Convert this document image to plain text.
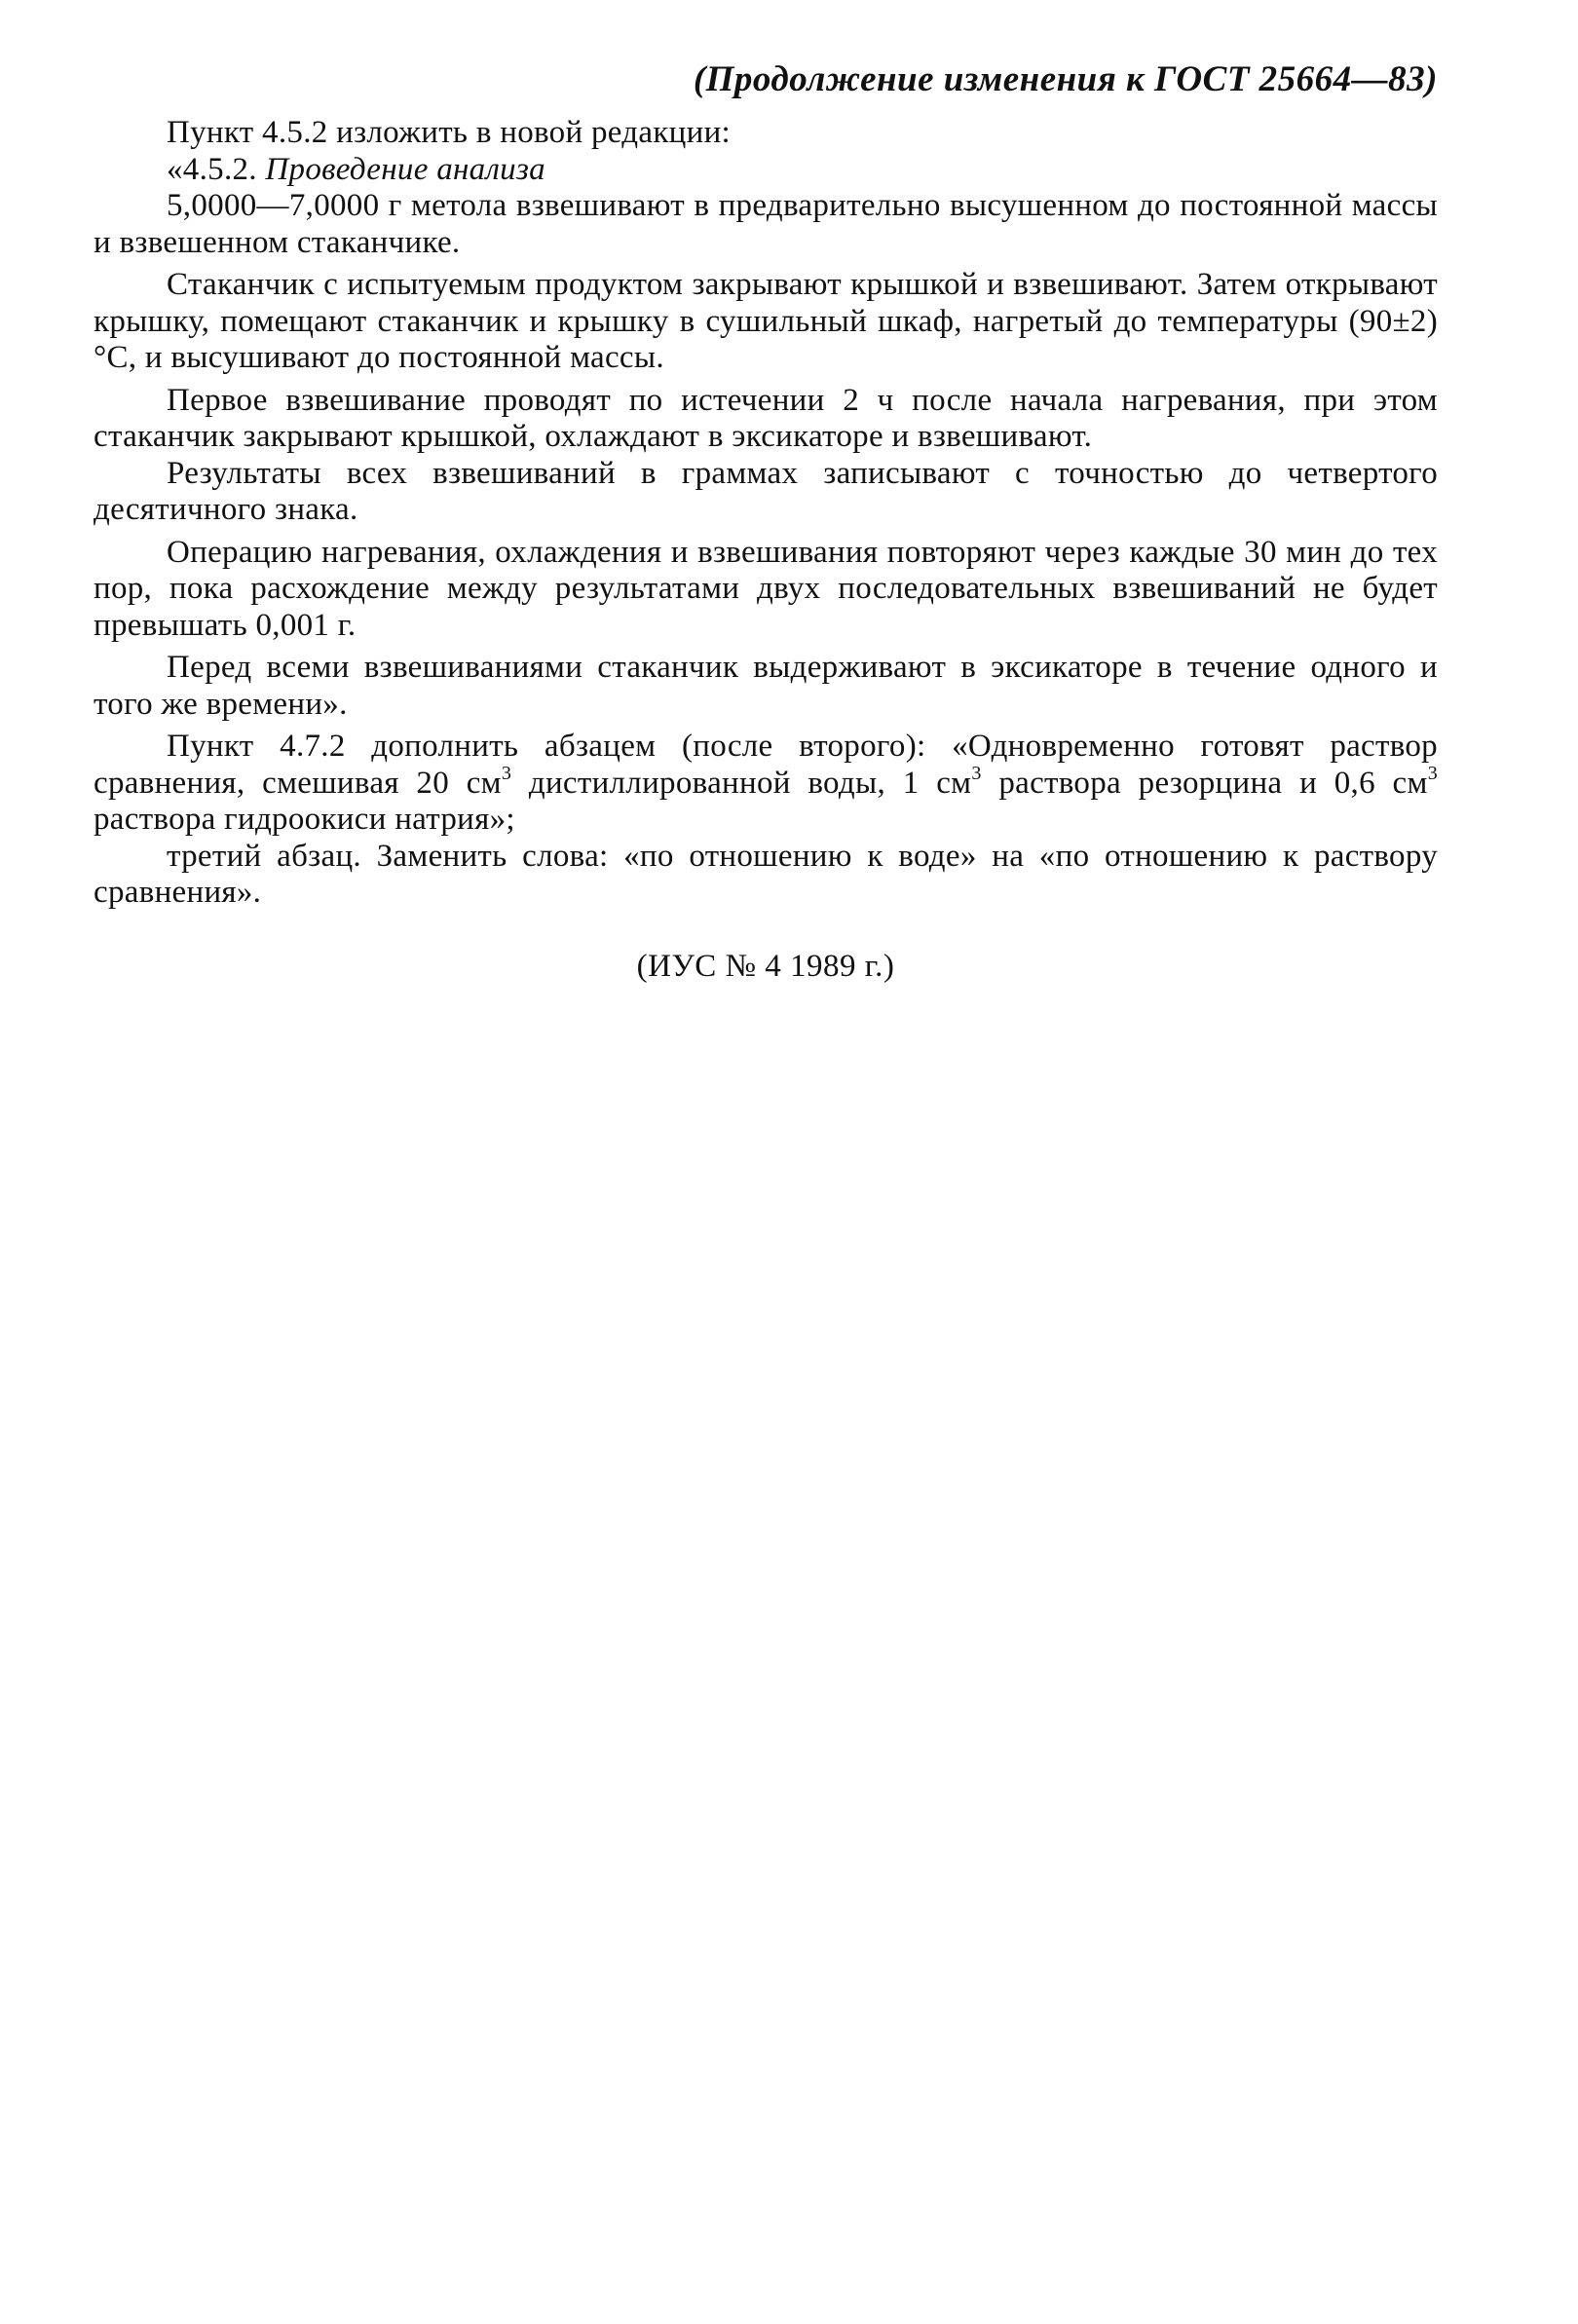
(Продолжение изменения к ГОСТ 25664—83)

Пункт 4.5.2 изложить в новой редакции:

«4.5.2. Проведение анализа

5,0000—7,0000 г метола взвешивают в предварительно высушенном до постоянной массы и взвешенном стаканчике.

Стаканчик с испытуемым продуктом закрывают крышкой и взвешивают. Затем открывают крышку, помещают стаканчик и крышку в сушильный шкаф, нагретый до температуры (90±2) °С, и высушивают до постоянной массы.

Первое взвешивание проводят по истечении 2 ч после начала нагревания, при этом стаканчик закрывают крышкой, охлаждают в эксикаторе и взвешивают.

Результаты всех взвешиваний в граммах записывают с точностью до четвертого десятичного знака.

Операцию нагревания, охлаждения и взвешивания повторяют через каждые 30 мин до тех пор, пока расхождение между результатами двух последовательных взвешиваний не будет превышать 0,001 г.

Перед всеми взвешиваниями стаканчик выдерживают в эксикаторе в течение одного и того же времени».

Пункт 4.7.2 дополнить абзацем (после второго): «Одновременно готовят раствор сравнения, смешивая 20 $см^3$ дистиллированной воды, 1 $см^3$ раствора резорцина и 0,6 $см^3$ раствора гидроокиси натрия»;

третий абзац. Заменить слова: «по отношению к воде» на «по отношению к раствору сравнения».

(ИУС № 4 1989 г.)
